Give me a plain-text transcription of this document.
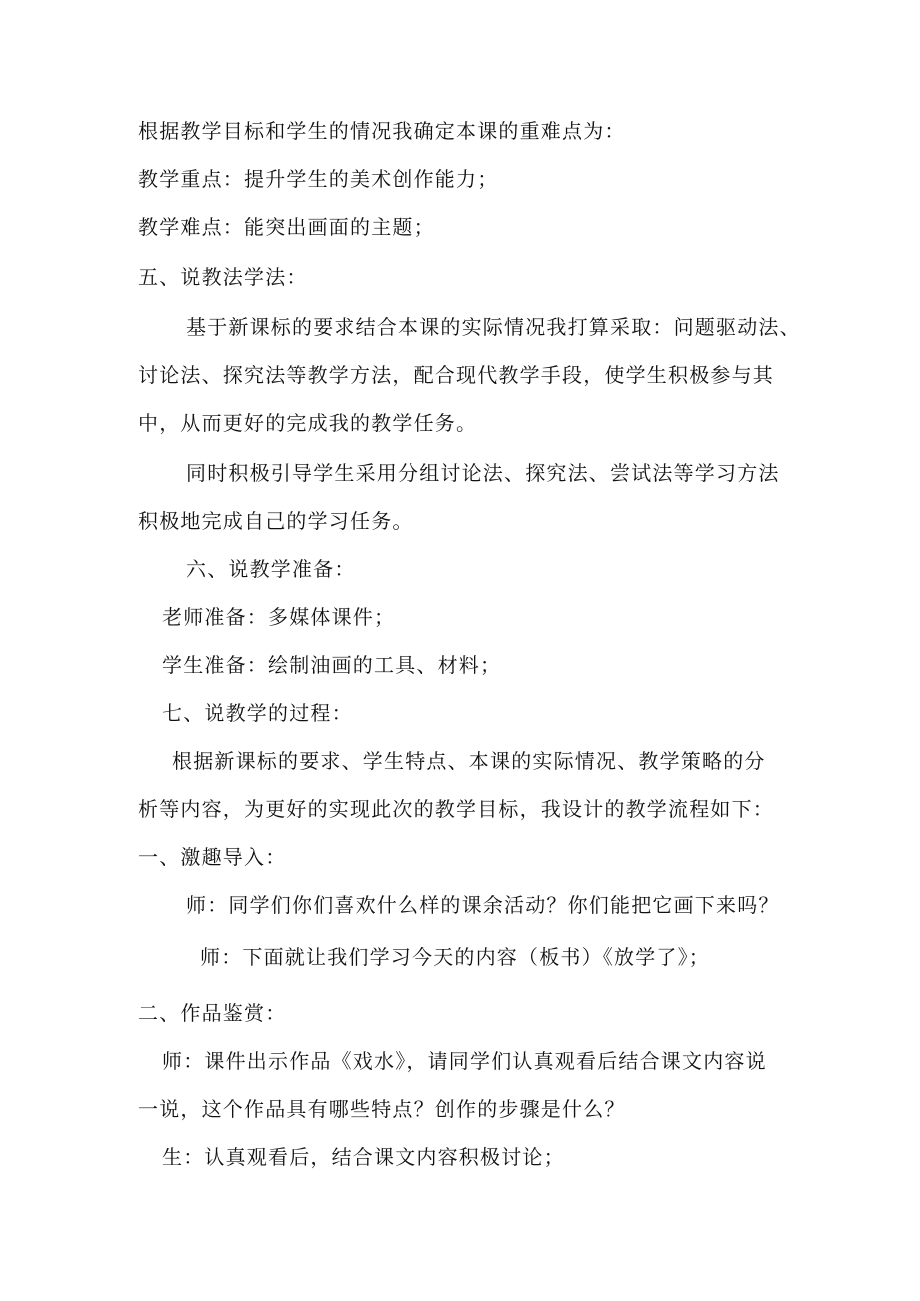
根据教学目标和学生的情况我确定本课的重难点为：
教学重点：提升学生的美术创作能力；
教学难点：能突出画面的主题；
五、说教法学法：
基于新课标的要求结合本课的实际情况我打算采取：问题驱动法、
讨论法、探究法等教学方法，配合现代教学手段，使学生积极参与其
中，从而更好的完成我的教学任务。
同时积极引导学生采用分组讨论法、探究法、尝试法等学习方法
积极地完成自己的学习任务。
六、说教学准备：
老师准备：多媒体课件；
学生准备：绘制油画的工具、材料；
七、说教学的过程：
根据新课标的要求、学生特点、本课的实际情况、教学策略的分
析等内容，为更好的实现此次的教学目标，我设计的教学流程如下：
一、激趣导入：
师：同学们你们喜欢什么样的课余活动？你们能把它画下来吗？
师：下面就让我们学习今天的内容（板书）《放学了》；
二、作品鉴赏：
师：课件出示作品《戏水》，请同学们认真观看后结合课文内容说
一说，这个作品具有哪些特点？创作的步骤是什么？
生：认真观看后，结合课文内容积极讨论；
